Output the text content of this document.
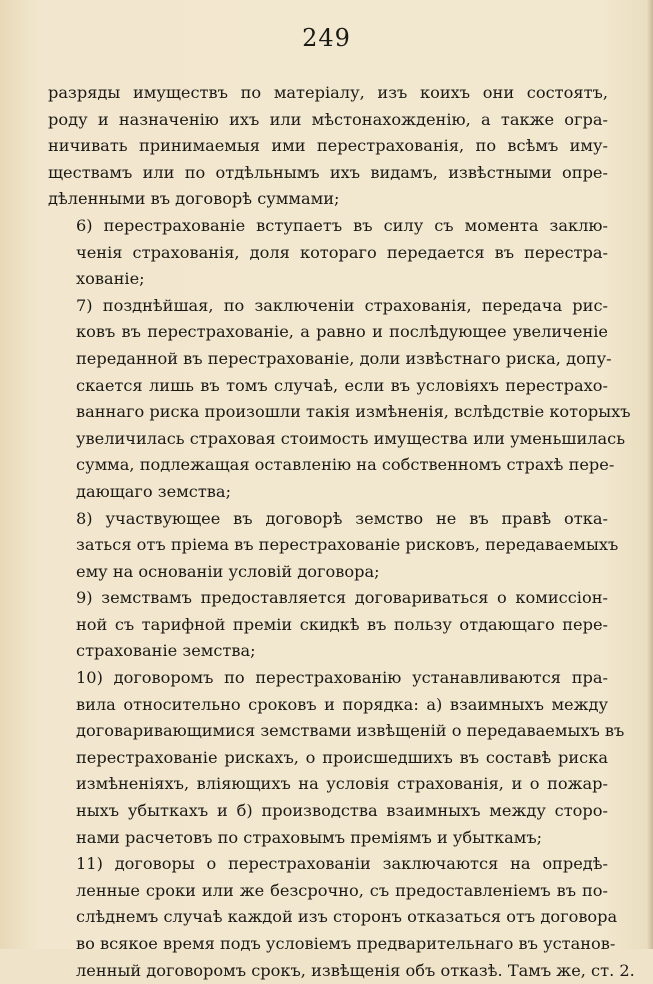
249
разряды имуществъ по матеріалу, изъ коихъ они состоятъ,
роду и назначенію ихъ или мѣстонахожденію, а также огра-
ничивать принимаемыя ими перестрахованія, по всѣмъ иму-
ществамъ или по отдѣльнымъ ихъ видамъ, извѣстными опре-
дѣленными въ договорѣ суммами;
6) перестрахованіе вступаетъ въ силу съ момента заклю-
ченія страхованія, доля котораго передается въ перестра-
хованіе;
7) позднѣйшая, по заключеніи страхованія, передача рис-
ковъ въ перестрахованіе, а равно и послѣдующее увеличеніе
переданной въ перестрахованіе, доли извѣстнаго риска, допу-
скается лишь въ томъ случаѣ, если въ условіяхъ перестрахо-
ваннаго риска произошли такія измѣненія, вслѣдствіе которыхъ
увеличилась страховая стоимость имущества или уменьшилась
сумма, подлежащая оставленію на собственномъ страхѣ пере-
дающаго земства;
8) участвующее въ договорѣ земство не въ правѣ отка-
заться отъ пріема въ перестрахованіе рисковъ, передаваемыхъ
ему на основаніи условій договора;
9) земствамъ предоставляется договариваться о комиссіон-
ной съ тарифной преміи скидкѣ въ пользу отдающаго пере-
страхованіе земства;
10) договоромъ по перестрахованію устанавливаются пра-
вила относительно сроковъ и порядка: а) взаимныхъ между
договаривающимися земствами извѣщеній о передаваемыхъ въ
перестрахованіе рискахъ, о происшедшихъ въ составѣ риска
измѣненіяхъ, вліяющихъ на условія страхованія, и о пожар-
ныхъ убыткахъ и б) производства взаимныхъ между сторо-
нами расчетовъ по страховымъ преміямъ и убыткамъ;
11) договоры о перестрахованіи заключаются на опредѣ-
ленные сроки или же безсрочно, съ предоставленіемъ въ по-
слѣднемъ случаѣ каждой изъ сторонъ отказаться отъ договора
во всякое время подъ условіемъ предварительнаго въ установ-
ленный договоромъ срокъ, извѣщенія объ отказѣ. Тамъ же, ст. 2.
